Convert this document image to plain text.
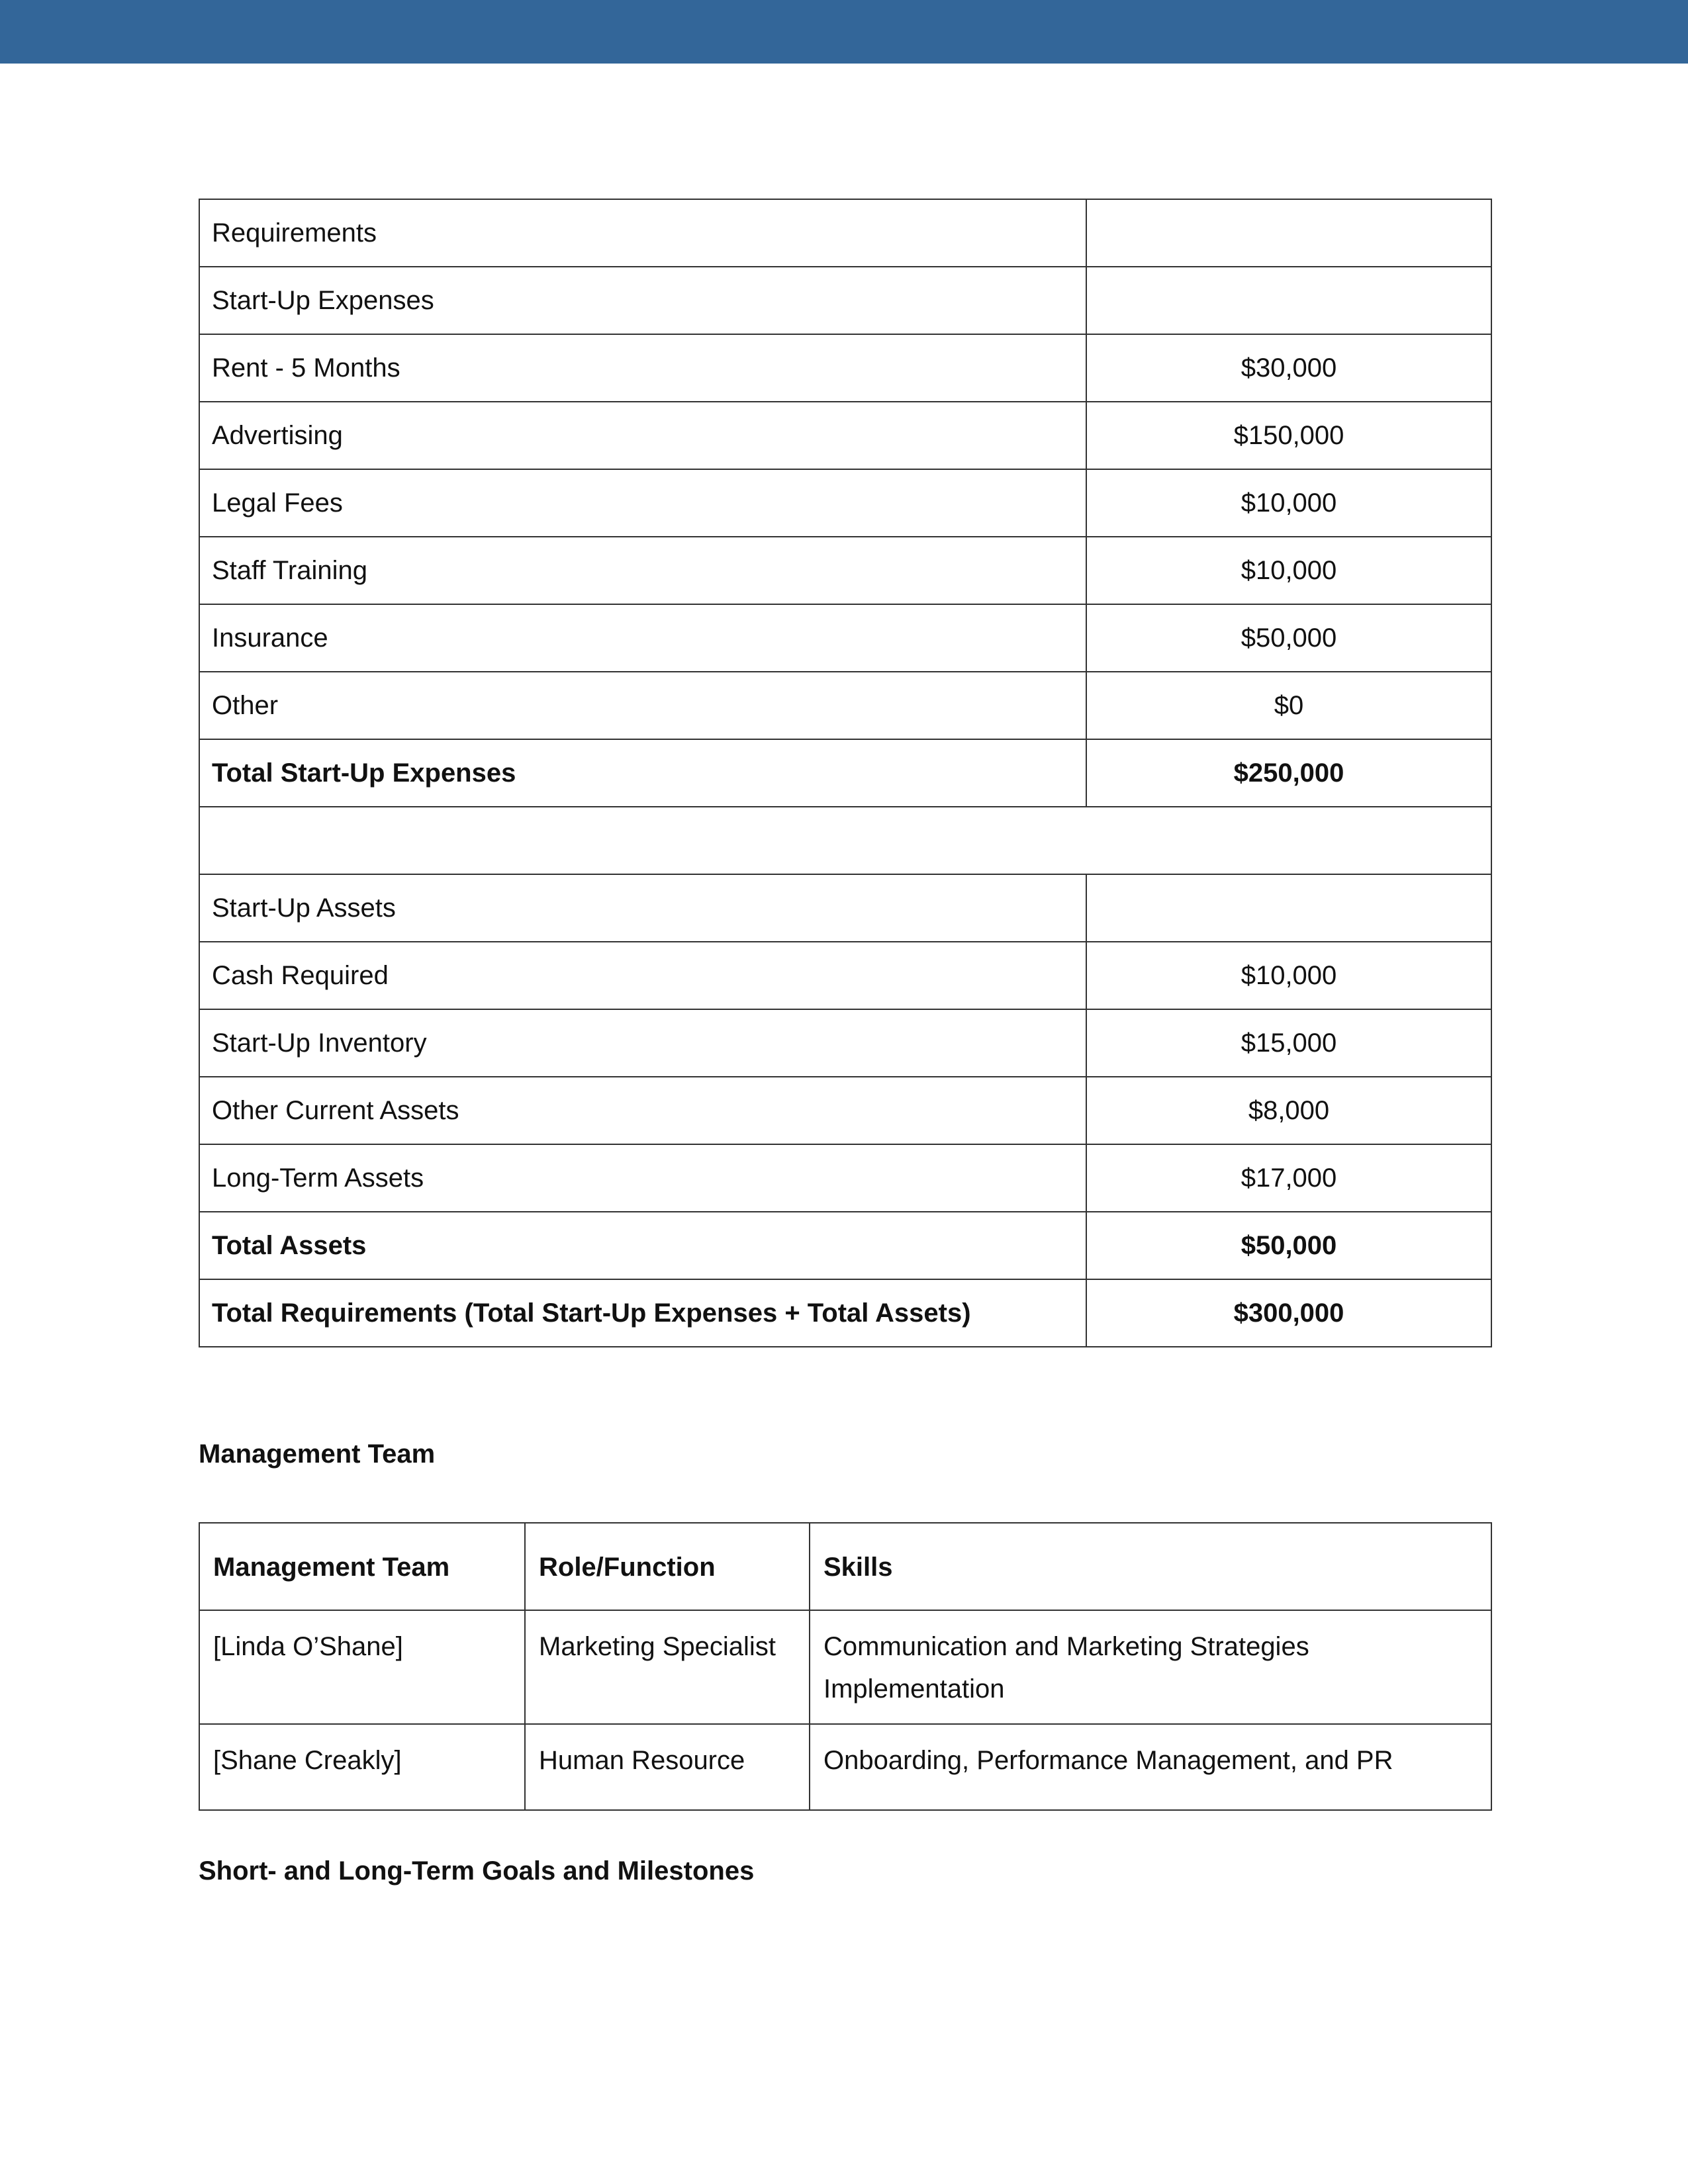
Requirements	
Start-Up Expenses	
Rent - 5 Months	$30,000
Advertising	$150,000
Legal Fees	$10,000
Staff Training	$10,000
Insurance	$50,000
Other	$0
Total Start-Up Expenses	$250,000

Start-Up Assets	
Cash Required	$10,000
Start-Up Inventory	$15,000
Other Current Assets	$8,000
Long-Term Assets	$17,000
Total Assets	$50,000
Total Requirements (Total Start-Up Expenses + Total Assets)	$300,000
Management Team
Management Team	Role/Function	Skills
[Linda O’Shane]	Marketing Specialist	Communication and Marketing Strategies Implementation
[Shane Creakly]	Human Resource	Onboarding, Performance Management, and PR
Short- and Long-Term Goals and Milestones
